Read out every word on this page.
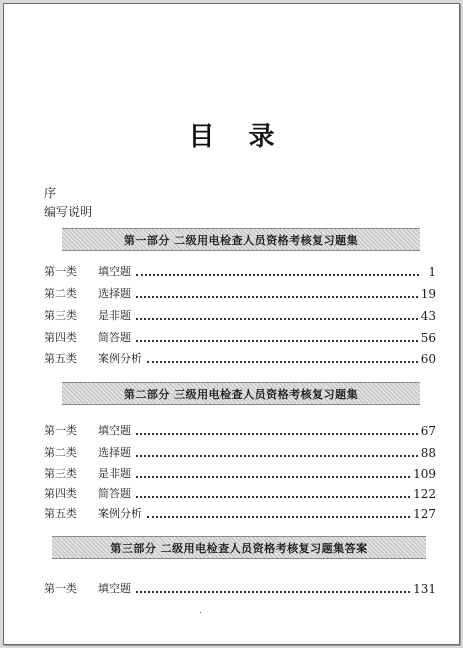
目 录
序
编写说明
第一部分 二级用电检查人员资格考核复习题集
第一类	填空题	1
第二类	选择题	19
第三类	是非题	43
第四类	简答题	56
第五类	案例分析	60
第二部分 三级用电检查人员资格考核复习题集
第一类	填空题	67
第二类	选择题	88
第三类	是非题	109
第四类	简答题	122
第五类	案例分析	127
第三部分 二级用电检查人员资格考核复习题集答案
第一类	填空题	131
